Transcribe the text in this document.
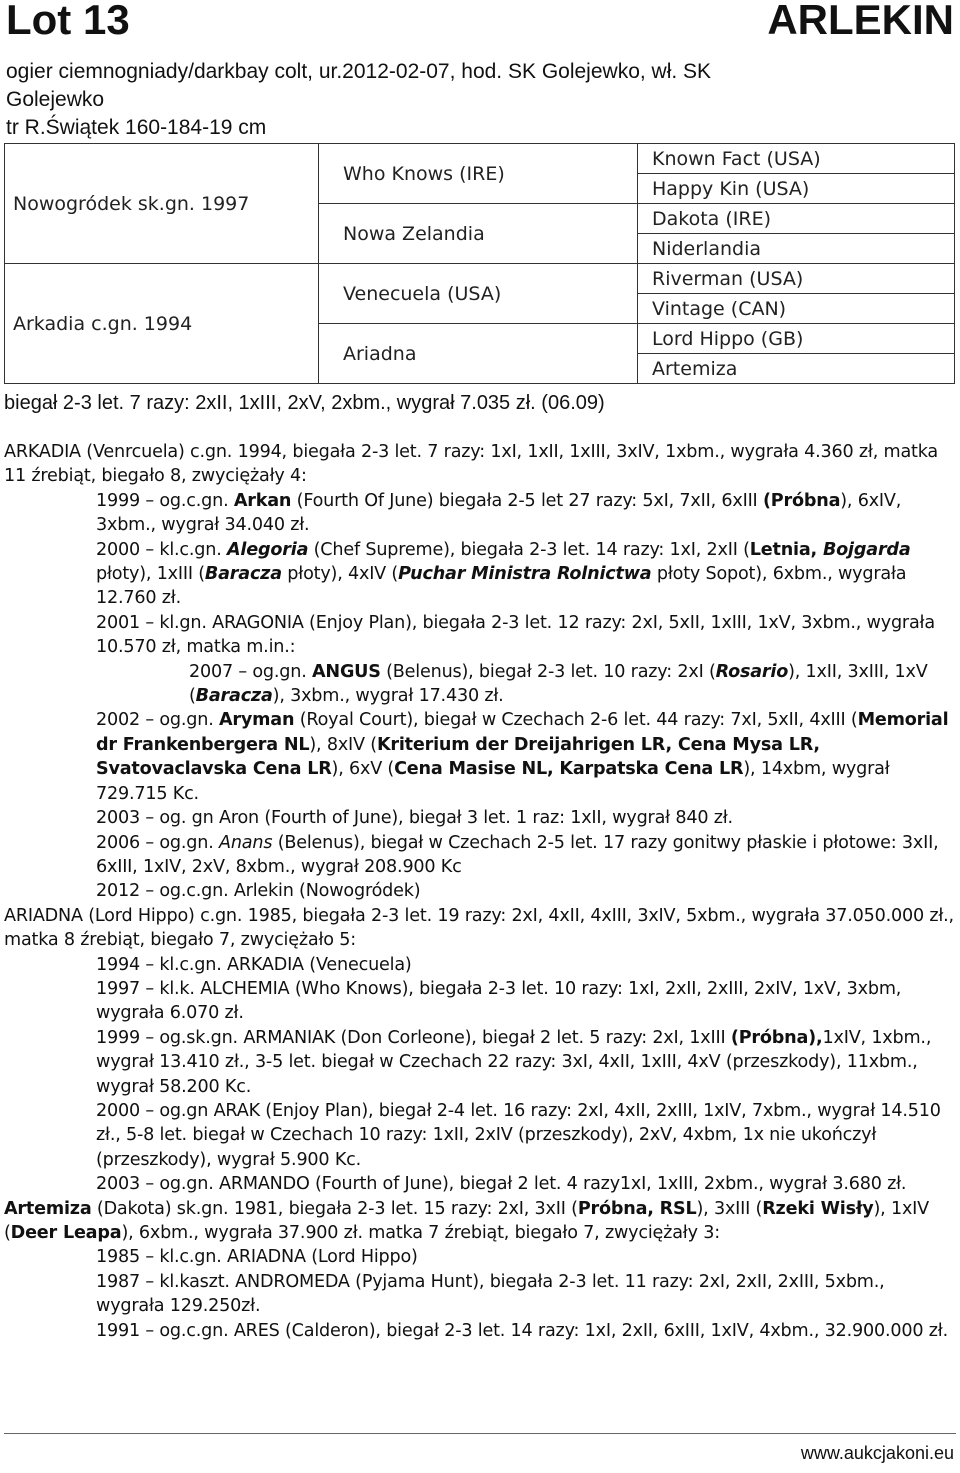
Lot 13	ARLEKIN
ogier ciemnogniady/darkbay colt, ur.2012-02-07, hod. SK Golejewko, wł. SK Golejewko
tr R.Świątek 160-184-19 cm
Nowogródek sk.gn. 1997	Who Knows (IRE)	Known Fact (USA)
		Happy Kin (USA)
	Nowa Zelandia	Dakota (IRE)
		Niderlandia
Arkadia c.gn. 1994	Venecuela (USA)	Riverman (USA)
		Vintage (CAN)
	Ariadna	Lord Hippo (GB)
		Artemiza
biegał 2-3 let. 7 razy: 2xII, 1xIII, 2xV, 2xbm., wygrał 7.035 zł. (06.09)

ARKADIA (Venrcuela) c.gn. 1994, biegała 2-3 let. 7 razy: 1xI, 1xII, 1xIII, 3xIV, 1xbm., wygrała 4.360 zł, matka 11 źrebiąt, biegało 8, zwyciężały 4:

1999 – og.c.gn. Arkan (Fourth Of June) biegała 2-5 let 27 razy: 5xI, 7xII, 6xIII (Próbna), 6xIV, 3xbm., wygrał 34.040 zł.

2000 – kl.c.gn. Alegoria (Chef Supreme), biegała 2-3 let. 14 razy: 1xI, 2xII (Letnia, Bojgarda płoty), 1xIII (Baracza płoty), 4xIV (Puchar Ministra Rolnictwa płoty Sopot), 6xbm., wygrała 12.760 zł.

2001 – kl.gn. ARAGONIA (Enjoy Plan), biegała 2-3 let. 12 razy: 2xI, 5xII, 1xIII, 1xV, 3xbm., wygrała 10.570 zł, matka m.in.:

2007 – og.gn. ANGUS (Belenus), biegał 2-3 let. 10 razy: 2xI (Rosario), 1xII, 3xIII, 1xV (Baracza), 3xbm., wygrał 17.430 zł.

2002 – og.gn. Aryman (Royal Court), biegał w Czechach 2-6 let. 44 razy: 7xI, 5xII, 4xIII (Memorial dr Frankenbergera NL), 8xIV (Kriterium der Dreijahrigen LR, Cena Mysa LR, Svatovaclavska Cena LR), 6xV (Cena Masise NL, Karpatska Cena LR), 14xbm, wygrał 729.715 Kc.

2003 – og. gn Aron (Fourth of June), biegał 3 let. 1 raz: 1xII, wygrał 840 zł.

2006 – og.gn. Anans (Belenus), biegał w Czechach 2-5 let. 17 razy gonitwy płaskie i płotowe: 3xII, 6xIII, 1xIV, 2xV, 8xbm., wygrał 208.900 Kc

2012 – og.c.gn. Arlekin (Nowogródek)

ARIADNA (Lord Hippo) c.gn. 1985, biegała 2-3 let. 19 razy: 2xI, 4xII, 4xIII, 3xIV, 5xbm., wygrała 37.050.000 zł., matka 8 źrebiąt, biegało 7, zwyciężało 5:

1994 – kl.c.gn. ARKADIA (Venecuela)

1997 – kl.k. ALCHEMIA (Who Knows), biegała 2-3 let. 10 razy: 1xI, 2xII, 2xIII, 2xIV, 1xV, 3xbm, wygrała 6.070 zł.

1999 – og.sk.gn. ARMANIAK (Don Corleone), biegał 2 let. 5 razy: 2xI, 1xIII (Próbna),1xIV, 1xbm., wygrał 13.410 zł., 3-5 let. biegał w Czechach 22 razy: 3xI, 4xII, 1xIII, 4xV (przeszkody), 11xbm., wygrał 58.200 Kc.

2000 – og.gn ARAK (Enjoy Plan), biegał 2-4 let. 16 razy: 2xI, 4xII, 2xIII, 1xIV, 7xbm., wygrał 14.510 zł., 5-8 let. biegał w Czechach 10 razy: 1xII, 2xIV (przeszkody), 2xV, 4xbm, 1x nie ukończył (przeszkody), wygrał 5.900 Kc.

2003 – og.gn. ARMANDO (Fourth of June), biegał 2 let. 4 razy1xI, 1xIII, 2xbm., wygrał 3.680 zł.

Artemiza (Dakota) sk.gn. 1981, biegała 2-3 let. 15 razy: 2xI, 3xII (Próbna, RSL), 3xIII (Rzeki Wisły), 1xIV (Deer Leapa), 6xbm., wygrała 37.900 zł. matka 7 źrebiąt, biegało 7, zwyciężały 3:

1985 – kl.c.gn. ARIADNA (Lord Hippo)

1987 – kl.kaszt. ANDROMEDA (Pyjama Hunt), biegała 2-3 let. 11 razy: 2xI, 2xII, 2xIII, 5xbm., wygrała 129.250zł.

1991 – og.c.gn. ARES (Calderon), biegał 2-3 let. 14 razy: 1xI, 2xII, 6xIII, 1xIV, 4xbm., 32.900.000 zł.

www.aukcjakoni.eu
